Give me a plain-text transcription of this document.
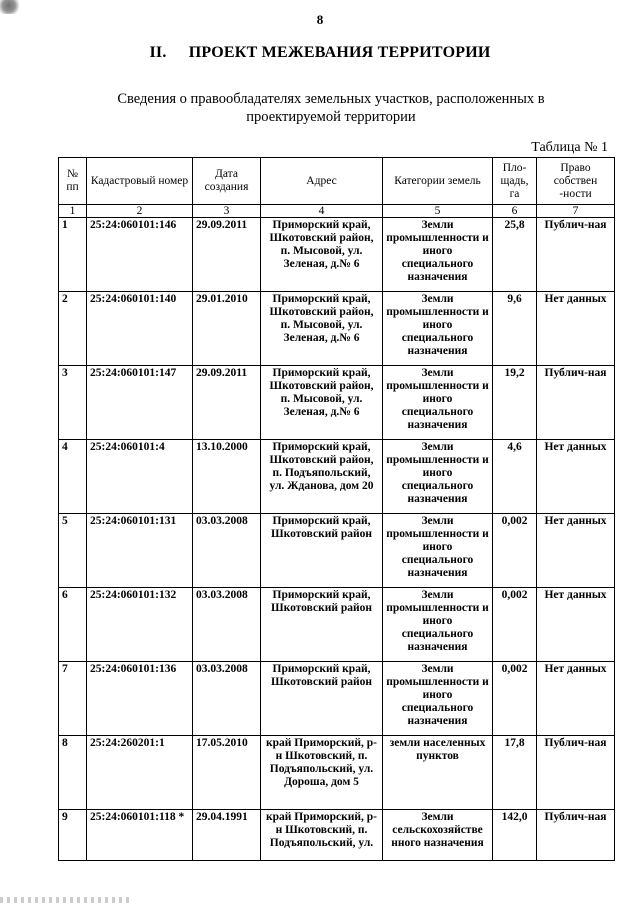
8
II. ПРОЕКТ МЕЖЕВАНИЯ ТЕРРИТОРИИ
Сведения о правообладателях земельных участков, расположенных в проектируемой территории
Таблица № 1
№ пп	Кадастровый номер	Дата создания	Адрес	Категории земель	Пло-щадь, га	Право собствен -ности
1	2	3	4	5	6	7
1	25:24:060101:146	29.09.2011	Приморский край, Шкотовский район, п. Мысовой, ул. Зеленая, д.№ 6	Земли промышленности и иного специального назначения	25,8	Публич-ная
2	25:24:060101:140	29.01.2010	Приморский край, Шкотовский район, п. Мысовой, ул. Зеленая, д.№ 6	Земли промышленности и иного специального назначения	9,6	Нет данных
3	25:24:060101:147	29.09.2011	Приморский край, Шкотовский район, п. Мысовой, ул. Зеленая, д.№ 6	Земли промышленности и иного специального назначения	19,2	Публич-ная
4	25:24:060101:4	13.10.2000	Приморский край, Шкотовский район, п. Подъяпольский, ул. Жданова, дом 20	Земли промышленности и иного специального назначения	4,6	Нет данных
5	25:24:060101:131	03.03.2008	Приморский край, Шкотовский район	Земли промышленности и иного специального назначения	0,002	Нет данных
6	25:24:060101:132	03.03.2008	Приморский край, Шкотовский район	Земли промышленности и иного специального назначения	0,002	Нет данных
7	25:24:060101:136	03.03.2008	Приморский край, Шкотовский район	Земли промышленности и иного специального назначения	0,002	Нет данных
8	25:24:260201:1	17.05.2010	край Приморский, р-н Шкотовский, п. Подъяпольский, ул. Дороша, дом 5	земли населенных пунктов	17,8	Публич-ная
9	25:24:060101:118 *	29.04.1991	край Приморский, р-н Шкотовский, п. Подъяпольский, ул.	Земли сельскохозяйстве нного назначения	142,0	Публич-ная
